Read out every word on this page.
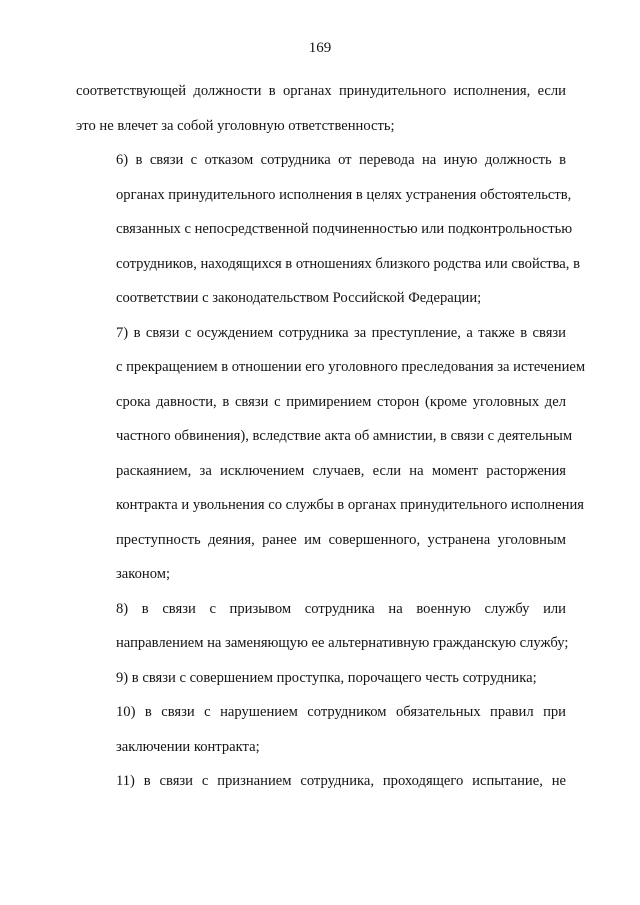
169

соответствующей должности в органах принудительного исполнения, если
это не влечет за собой уголовную ответственность;

6) в связи с отказом сотрудника от перевода на иную должность в
органах принудительного исполнения в целях устранения обстоятельств,
связанных с непосредственной подчиненностью или подконтрольностью
сотрудников, находящихся в отношениях близкого родства или свойства, в
соответствии с законодательством Российской Федерации;

7) в связи с осуждением сотрудника за преступление, а также в связи
с прекращением в отношении его уголовного преследования за истечением
срока давности, в связи с примирением сторон (кроме уголовных дел
частного обвинения), вследствие акта об амнистии, в связи с деятельным
раскаянием, за исключением случаев, если на момент расторжения
контракта и увольнения со службы в органах принудительного исполнения
преступность деяния, ранее им совершенного, устранена уголовным
законом;

8) в связи с призывом сотрудника на военную службу или
направлением на заменяющую ее альтернативную гражданскую службу;

9) в связи с совершением проступка, порочащего честь сотрудника;

10) в связи с нарушением сотрудником обязательных правил при
заключении контракта;

11) в связи с признанием сотрудника, проходящего испытание, не
